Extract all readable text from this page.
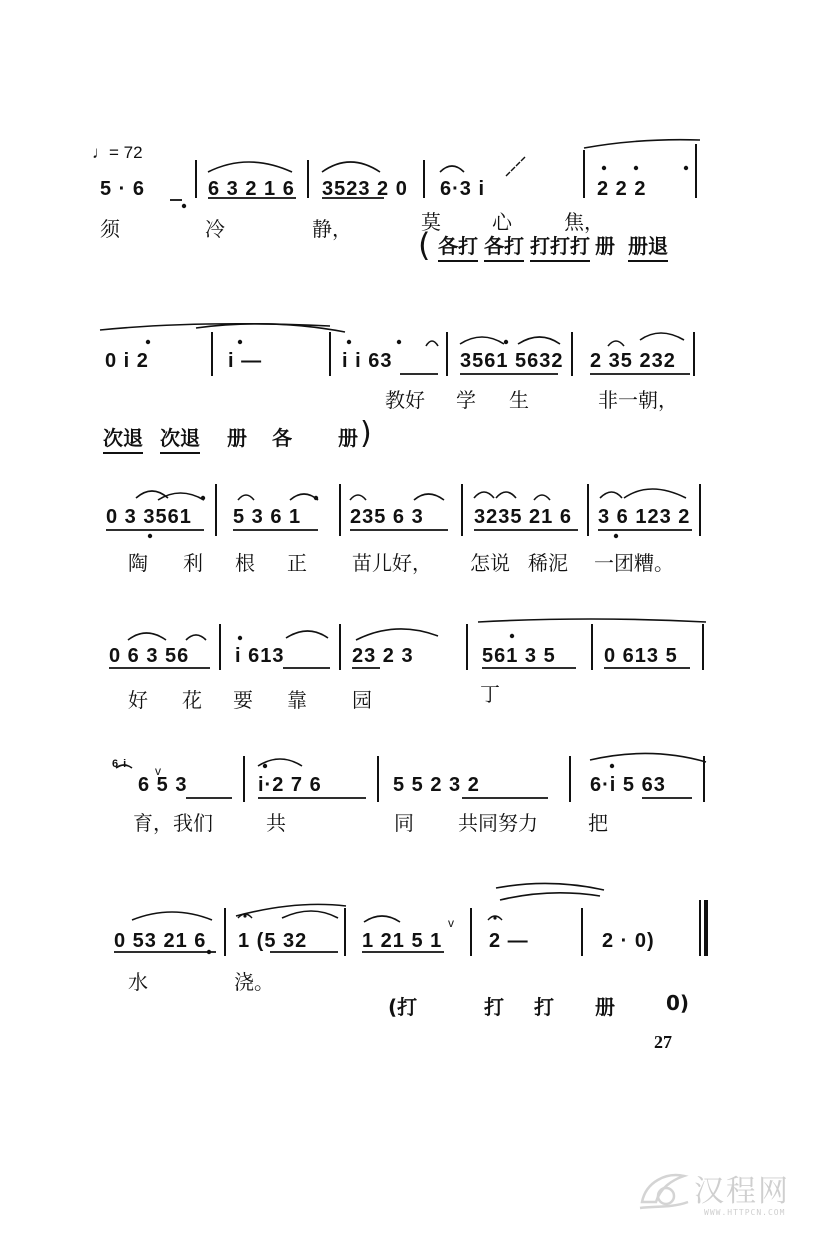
♩= 72
5 · 6	6 3 2 1 6 3523 2 0 6·3 i	2 2 2
须	冷	静，	莫	心	焦，
( 各打 各打 打打打 册 册退
0 i 2	i —	i i 63	3561 5632 2 35 232
教好 学 生	非一朝，
次退 次退 册 各 册 )
0 3 3561 5 3 6 1 235 6 3	3235 21 6 3 6 123 2
陶 利 根 正 苗儿好， 怎说 稀泥 一团糟。
0 6 3 56 i 613	23 2 3	561 3 5 0 613 5
好 花 要 靠 园	丁
6 i
6 5 3
v
i·2 7 6	5 5 2 3 2	6·i 5 63
育，我们	共	同 共同努力	把
0 53 21 6 1 (5 32	1 21 5 1
v
2 —	2 · 0)
水	浇。
(打	打 打 册	0)
27
汉程网
WWW.HTTPCN.COM
